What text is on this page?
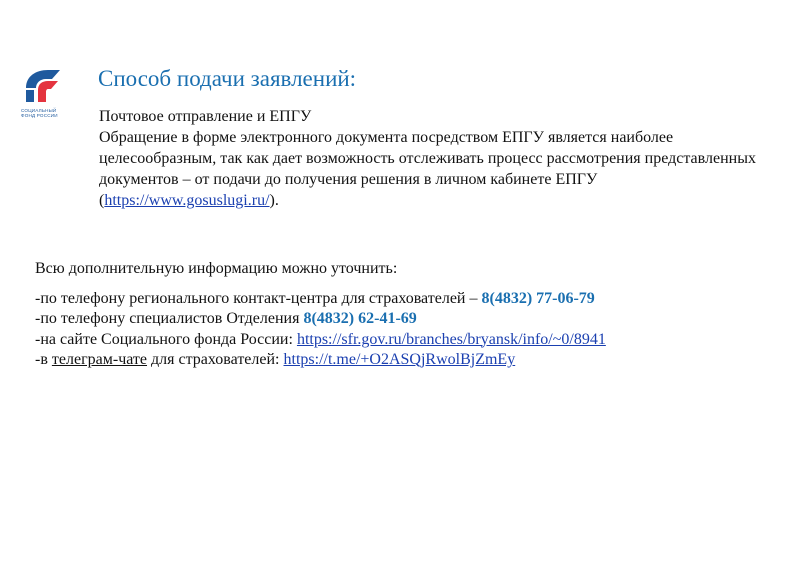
СОЦИАЛЬНЫЙ
ФОНД РОССИИ
Способ подачи заявлений:

Почтовое отправление и ЕПГУ

Обращение в форме электронного документа посредством ЕПГУ является наиболее целесообразным, так как дает возможность отслеживать процесс рассмотрения представленных документов – от подачи до получения решения в личном кабинете ЕПГУ (https://www.gosuslugi.ru/).

Всю дополнительную информацию можно уточнить:

-по телефону регионального контакт-центра для страхователей – 8(4832) 77-06-79

-по телефону специалистов Отделения 8(4832) 62-41-69

-на сайте Социального фонда России: https://sfr.gov.ru/branches/bryansk/info/~0/8941

-в телеграм-чате для страхователей: https://t.me/+O2ASQjRwolBjZmEy
